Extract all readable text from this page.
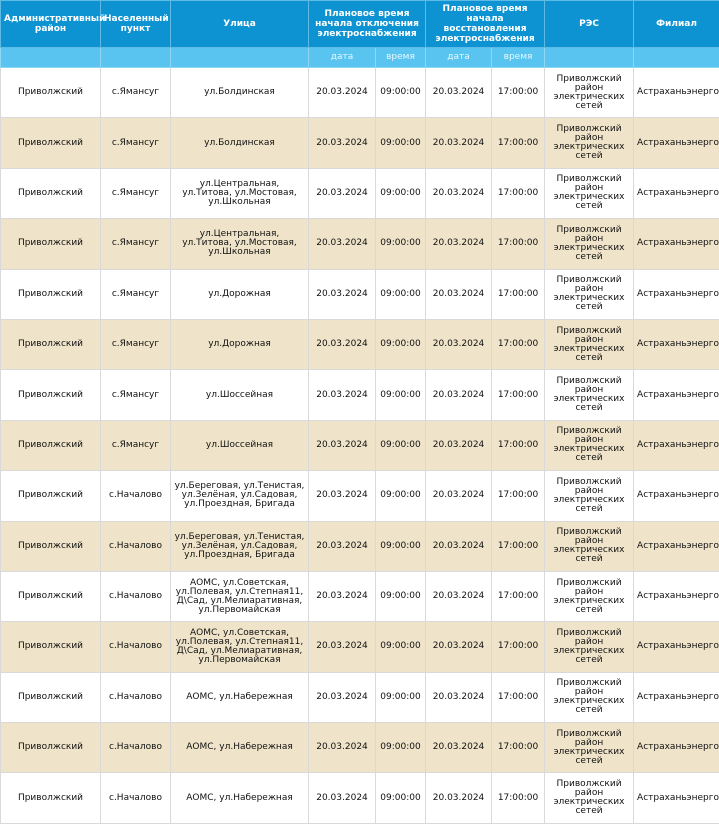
Административный район	Населенный пункт	Улица	Плановое время начала отключения электроснабжения		Плановое время начала восстановления электроснабжения		РЭС	Филиал
			дата	время	дата	время		
Приволжский	с.Ямансуг	ул.Болдинская	20.03.2024	09:00:00	20.03.2024	17:00:00	Приволжский район электрических сетей	Астраханьэнерго
Приволжский	с.Ямансуг	ул.Болдинская	20.03.2024	09:00:00	20.03.2024	17:00:00	Приволжский район электрических сетей	Астраханьэнерго
Приволжский	с.Ямансуг	ул.Центральная, ул.Титова, ул.Мостовая, ул.Школьная	20.03.2024	09:00:00	20.03.2024	17:00:00	Приволжский район электрических сетей	Астраханьэнерго
Приволжский	с.Ямансуг	ул.Центральная, ул.Титова, ул.Мостовая, ул.Школьная	20.03.2024	09:00:00	20.03.2024	17:00:00	Приволжский район электрических сетей	Астраханьэнерго
Приволжский	с.Ямансуг	ул.Дорожная	20.03.2024	09:00:00	20.03.2024	17:00:00	Приволжский район электрических сетей	Астраханьэнерго
Приволжский	с.Ямансуг	ул.Дорожная	20.03.2024	09:00:00	20.03.2024	17:00:00	Приволжский район электрических сетей	Астраханьэнерго
Приволжский	с.Ямансуг	ул.Шоссейная	20.03.2024	09:00:00	20.03.2024	17:00:00	Приволжский район электрических сетей	Астраханьэнерго
Приволжский	с.Ямансуг	ул.Шоссейная	20.03.2024	09:00:00	20.03.2024	17:00:00	Приволжский район электрических сетей	Астраханьэнерго
Приволжский	с.Началово	ул.Береговая, ул.Тенистая, ул.Зелёная, ул.Садовая, ул.Проездная, Бригада	20.03.2024	09:00:00	20.03.2024	17:00:00	Приволжский район электрических сетей	Астраханьэнерго
Приволжский	с.Началово	ул.Береговая, ул.Тенистая, ул.Зелёная, ул.Садовая, ул.Проездная, Бригада	20.03.2024	09:00:00	20.03.2024	17:00:00	Приволжский район электрических сетей	Астраханьэнерго
Приволжский	с.Началово	АОМС, ул.Советская, ул.Полевая, ул.Степная11, Д\Сад, ул.Мелиаративная, ул.Первомайская	20.03.2024	09:00:00	20.03.2024	17:00:00	Приволжский район электрических сетей	Астраханьэнерго
Приволжский	с.Началово	АОМС, ул.Советская, ул.Полевая, ул.Степная11, Д\Сад, ул.Мелиаративная, ул.Первомайская	20.03.2024	09:00:00	20.03.2024	17:00:00	Приволжский район электрических сетей	Астраханьэнерго
Приволжский	с.Началово	АОМС, ул.Набережная	20.03.2024	09:00:00	20.03.2024	17:00:00	Приволжский район электрических сетей	Астраханьэнерго
Приволжский	с.Началово	АОМС, ул.Набережная	20.03.2024	09:00:00	20.03.2024	17:00:00	Приволжский район электрических сетей	Астраханьэнерго
Приволжский	с.Началово	АОМС, ул.Набережная	20.03.2024	09:00:00	20.03.2024	17:00:00	Приволжский район электрических сетей	Астраханьэнерго
